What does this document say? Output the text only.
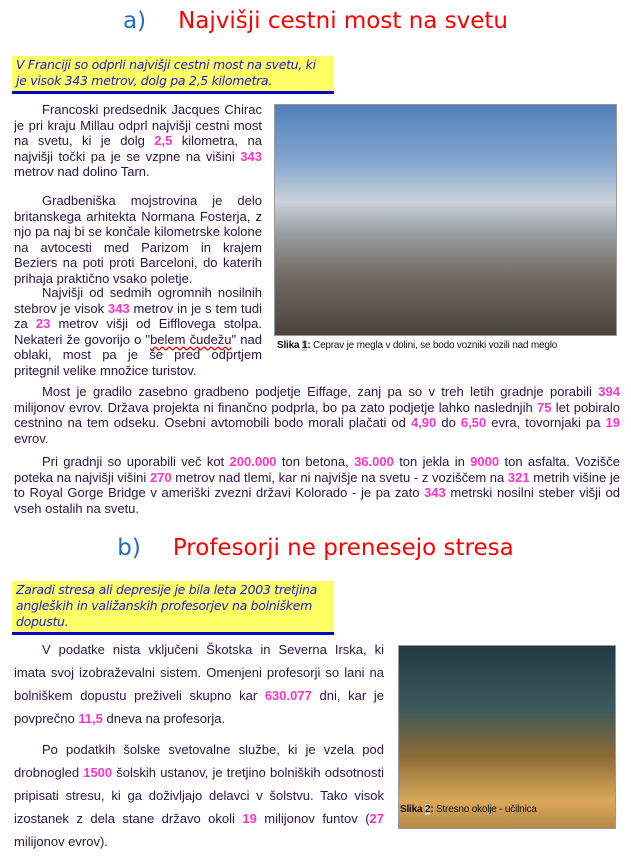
a) Najvišji cestni most na svetu
V Franciji so odprli najvišji cestni most na svetu, ki je visok 343 metrov, dolg pa 2,5 kilometra.

Francoski predsednik Jacques Chirac je pri kraju Millau odprl najvišji cestni most na svetu, ki je dolg 2,5 kilometra, na najvišji točki pa je se vzpne na višini 343 metrov nad dolino Tarn.

Gradbeniška mojstrovina je delo britanskega arhitekta Normana Fosterja, z njo pa naj bi se končale kilometrske kolone na avtocesti med Parizom in krajem Beziers na poti proti Barceloni, do katerih prihaja praktično vsako poletje.

Najvišji od sedmih ogromnih nosilnih stebrov je visok 343 metrov in je s tem tudi za 23 metrov višji od Eifflovega stolpa. Nekateri že govorijo o "belem čudežu" nad oblaki, most pa je še pred odprtjem pritegnil velike množice turistov.

Slika 1: Ceprav je megla v dolini, se bodo vozniki vozili nad meglo

Most je gradilo zasebno gradbeno podjetje Eiffage, zanj pa so v treh letih gradnje porabili 394 milijonov evrov. Država projekta ni finančno podprla, bo pa zato podjetje lahko naslednjih 75 let pobiralo cestnino na tem odseku. Osebni avtomobili bodo morali plačati od 4,90 do 6,50 evra, tovornjaki pa 19 evrov.

Pri gradnji so uporabili več kot 200.000 ton betona, 36.000 ton jekla in 9000 ton asfalta. Vozišče poteka na najvišji višini 270 metrov nad tlemi, kar ni najvišje na svetu - z voziščem na 321 metrih višine je to Royal Gorge Bridge v ameriški zvezni državi Kolorado - je pa zato 343 metrski nosilni steber višji od vseh ostalih na svetu.

b) Profesorji ne prenesejo stresa
Zaradi stresa ali depresije je bila leta 2003 tretjina angleških in valižanskih profesorjev na bolniškem dopustu.

V podatke nista vključeni Škotska in Severna Irska, ki imata svoj izobraževalni sistem. Omenjeni profesorji so lani na bolniškem dopustu preživeli skupno kar 630.077 dni, kar je povprečno 11,5 dneva na profesorja.

Po podatkih šolske svetovalne službe, ki je vzela pod drobnogled 1500 šolskih ustanov, je tretjino bolniških odsotnosti pripisati stresu, ki ga doživljajo delavci v šolstvu. Tako visok izostanek z dela stane državo okoli 19 milijonov funtov (27 milijonov evrov).

Slika 2: Stresno okolje - učilnica
